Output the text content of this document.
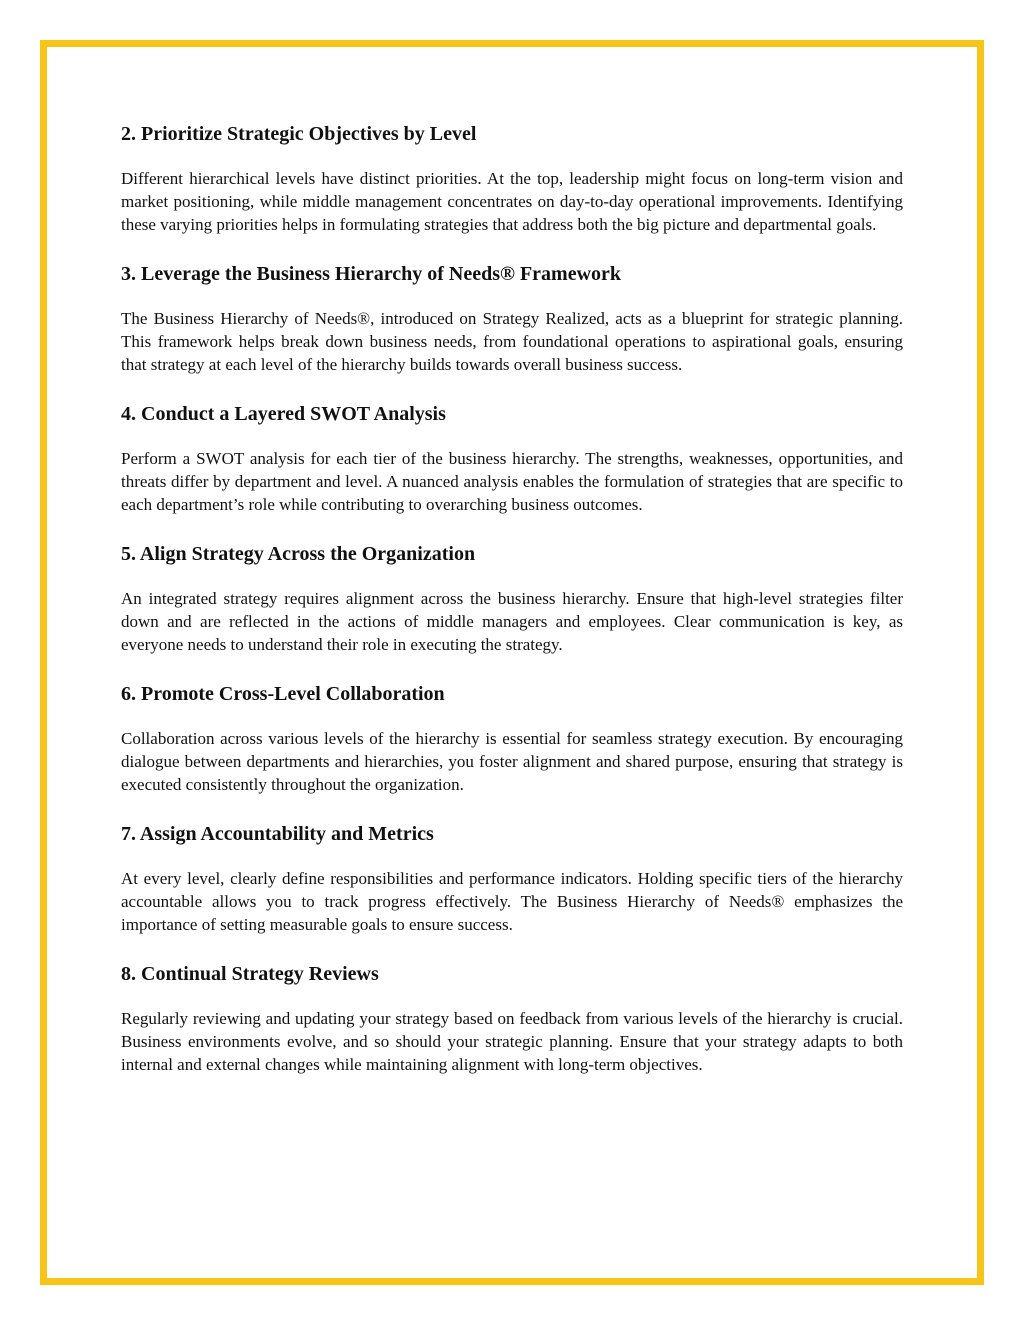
2. Prioritize Strategic Objectives by Level

Different hierarchical levels have distinct priorities. At the top, leadership might focus on long-term vision and market positioning, while middle management concentrates on day-to-day operational improvements. Identifying these varying priorities helps in formulating strategies that address both the big picture and departmental goals.

3. Leverage the Business Hierarchy of Needs® Framework

The Business Hierarchy of Needs®, introduced on Strategy Realized, acts as a blueprint for strategic planning. This framework helps break down business needs, from foundational operations to aspirational goals, ensuring that strategy at each level of the hierarchy builds towards overall business success.

4. Conduct a Layered SWOT Analysis

Perform a SWOT analysis for each tier of the business hierarchy. The strengths, weaknesses, opportunities, and threats differ by department and level. A nuanced analysis enables the formulation of strategies that are specific to each department’s role while contributing to overarching business outcomes.

5. Align Strategy Across the Organization

An integrated strategy requires alignment across the business hierarchy. Ensure that high-level strategies filter down and are reflected in the actions of middle managers and employees. Clear communication is key, as everyone needs to understand their role in executing the strategy.

6. Promote Cross-Level Collaboration

Collaboration across various levels of the hierarchy is essential for seamless strategy execution. By encouraging dialogue between departments and hierarchies, you foster alignment and shared purpose, ensuring that strategy is executed consistently throughout the organization.

7. Assign Accountability and Metrics

At every level, clearly define responsibilities and performance indicators. Holding specific tiers of the hierarchy accountable allows you to track progress effectively. The Business Hierarchy of Needs® emphasizes the importance of setting measurable goals to ensure success.

8. Continual Strategy Reviews

Regularly reviewing and updating your strategy based on feedback from various levels of the hierarchy is crucial. Business environments evolve, and so should your strategic planning. Ensure that your strategy adapts to both internal and external changes while maintaining alignment with long-term objectives.
